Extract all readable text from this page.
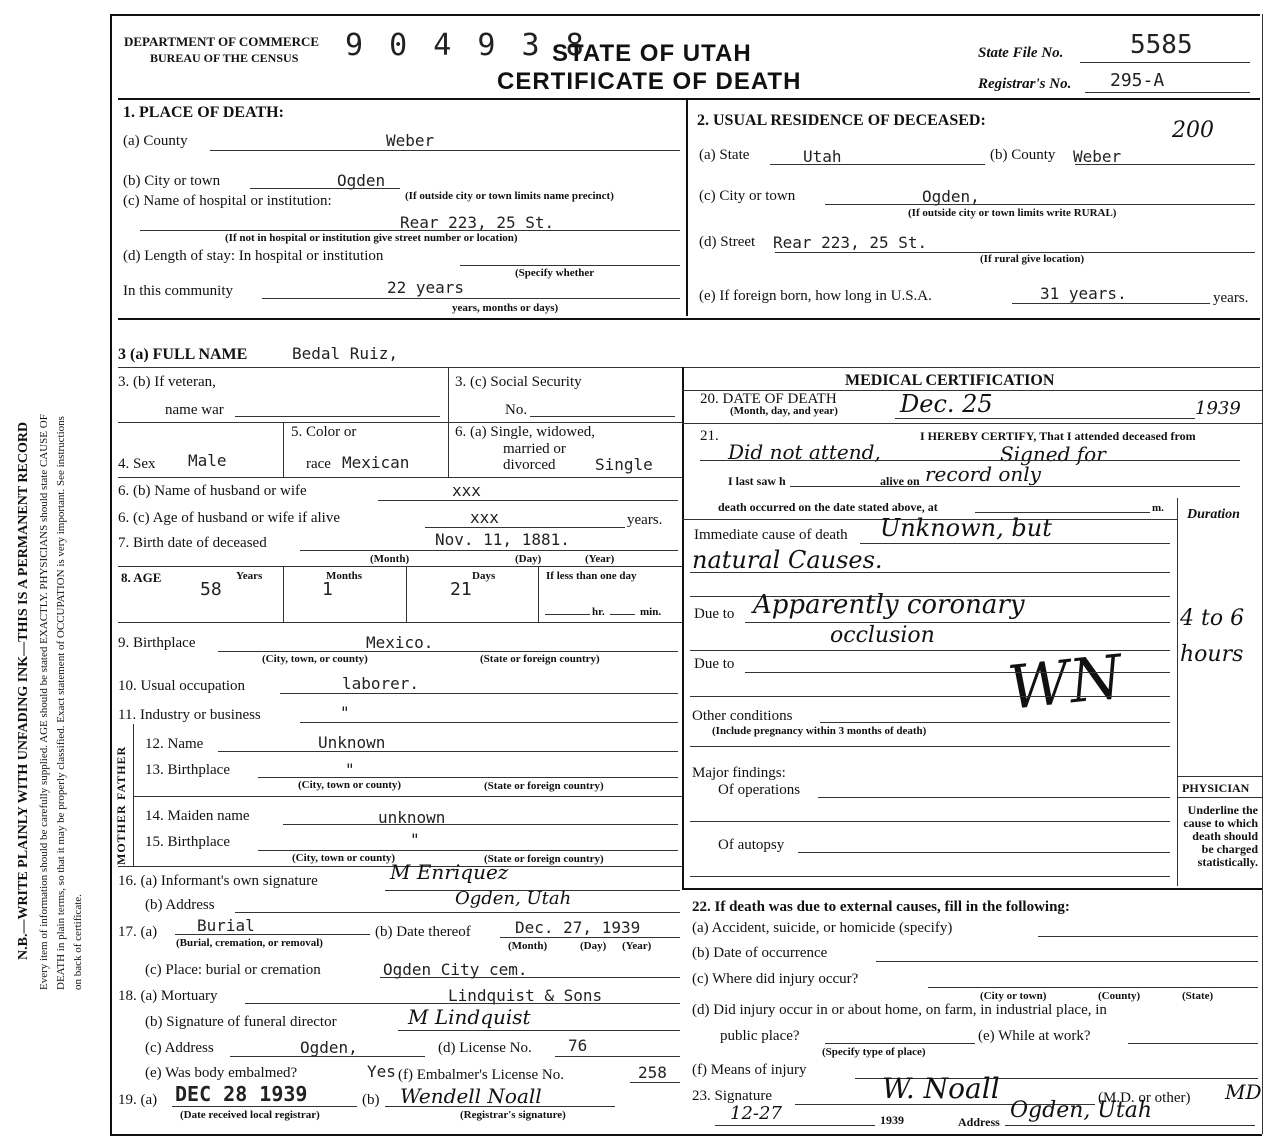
N.B.—WRITE PLAINLY WITH UNFADING INK—THIS IS A PERMANENT RECORD Every item of information should be carefully supplied. AGE should be stated EXACTLY. PHYSICIANS should state CAUSE OF DEATH in plain terms, so that it may be properly classified. Exact statement of OCCUPATION is very important. See instructions on back of certificate.
DEPARTMENT OF COMMERCE
BUREAU OF THE CENSUS 9 0 4 9 3 8
STATE OF UTAH
CERTIFICATE OF DEATH
State File No.	5585
Registrar's No. 295-A
1. PLACE OF DEATH:
(a) County	Weber
(b) City or town	Ogden
(If outside city or town limits name precinct)
(c) Name of hospital or institution:
Rear 223, 25 St.
(If not in hospital or institution give street number or location)
(d) Length of stay: In hospital or institution
(Specify whether
In this community	22 years
years, months or days)
2. USUAL RESIDENCE OF DECEASED:	200
(a) State	Utah	(b) County Weber
(c) City or town	Ogden,
(If outside city or town limits write RURAL)
(d) Street Rear 223, 25 St.
(If rural give location)
(e) If foreign born, how long in U.S.A.	31 years.	years.
3 (a) FULL NAME	Bedal Ruiz,
3. (b) If veteran,
name war
3. (c) Social Security
No.
4. Sex Male
5. Color or
race Mexican
6. (a) Single, widowed,
married or
divorced Single
6. (b) Name of husband or wife	xxx
6. (c) Age of husband or wife if alive	xxx	years.
7. Birth date of deceased	Nov. 11, 1881.
(Month)	(Day)	(Year)
8. AGE	Years
58
Months
1
Days
21
If less than one day
hr.	min.
9. Birthplace	Mexico.
(City, town, or county)	(State or foreign country)
10. Usual occupation	laborer.
11. Industry or business	"
FATHER
MOTHER
12. Name	Unknown
13. Birthplace	"
(City, town or county)	(State or foreign country)
14. Maiden name	unknown
15. Birthplace	"
(City, town or county)	(State or foreign country)
16. (a) Informant's own signature	M Enriquez
(b) Address	Ogden, Utah
17. (a) Burial
(Burial, cremation, or removal)
(b) Date thereof	Dec. 27, 1939
(Month)	(Day) (Year)
(c) Place: burial or cremation	Ogden City cem.
18. (a) Mortuary	Lindquist & Sons
(b) Signature of funeral director	M Lindquist
(c) Address	Ogden,	(d) License No. 76
(e) Was body embalmed?	Yes (f) Embalmer's License No.	258
19. (a) DEC 28 1939
(Date received local registrar)
(b) Wendell Noall
(Registrar's signature)
MEDICAL CERTIFICATION
20. DATE OF DEATH
(Month, day, and year)	Dec. 25	1939
21.	I HEREBY CERTIFY, That I attended deceased from
Did not attend,	Signed for
I last saw h	alive on record only
death occurred on the date stated above, at	m. Duration
Immediate cause of death Unknown, but
natural Causes.
Due to Apparently coronary
occlusion
4 to 6
hours
Due to	WN
Other conditions
(Include pregnancy within 3 months of death)
Major findings:
Of operations
Of autopsy
PHYSICIAN
Underline the cause to which death should be charged statistically.
22. If death was due to external causes, fill in the following:
(a) Accident, suicide, or homicide (specify)
(b) Date of occurrence
(c) Where did injury occur?
(City or town)	(County)	(State)
(d) Did injury occur in or about home, on farm, in industrial place, in
public place?
(Specify type of place)
(e) While at work?
(f) Means of injury
23. Signature	W. Noall	(M.D. or other) MD
12-27	1939	Address Ogden, Utah
